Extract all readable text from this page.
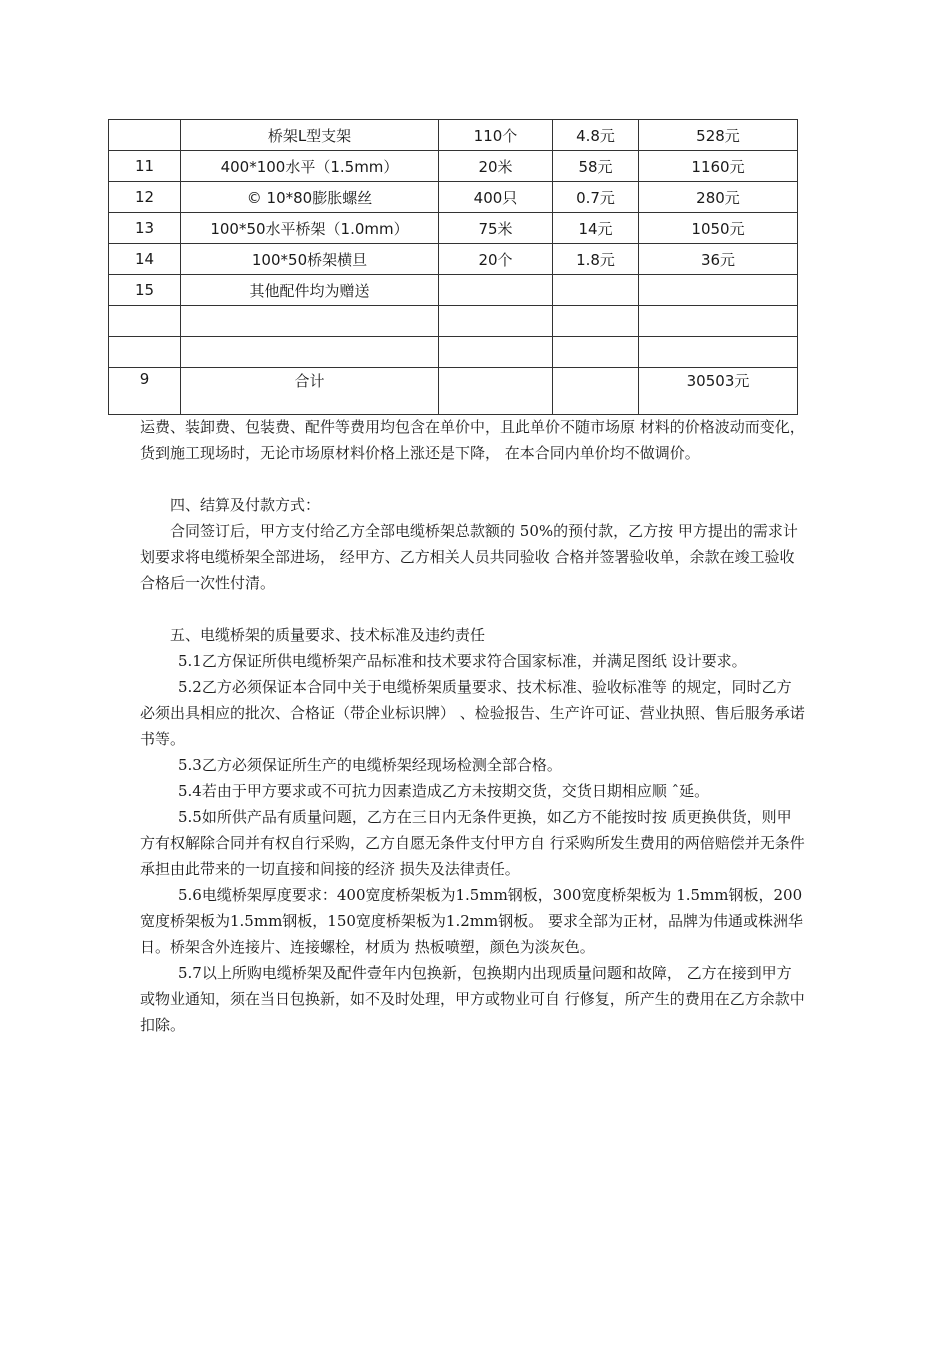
	桥架L型支架	110个	4.8元	528元
11	400*100水平（1.5mm）	20米	58元	1160元
12	© 10*80膨胀螺丝	400只	0.7元	280元
13	100*50水平桥架（1.0mm）	75米	14元	1050元
14	100*50桥架横旦	20个	1.8元	36元
15	其他配件均为赠送			

9	合计			30503元

运费、装卸费、包装费、配件等费用均包含在单价中，且此单价不随市场原 材料的价格波动而变化，货到施工现场时，无论市场原材料价格上涨还是下降， 在本合同内单价均不做调价。

四、结算及付款方式：

合同签订后，甲方支付给乙方全部电缆桥架总款额的 50%的预付款，乙方按 甲方提出的需求计划要求将电缆桥架全部进场， 经甲方、乙方相关人员共同验收 合格并签署验收单，余款在竣工验收合格后一次性付清。

五、电缆桥架的质量要求、技术标准及违约责任

5.1乙方保证所供电缆桥架产品标准和技术要求符合国家标准，并满足图纸 设计要求。

5.2乙方必须保证本合同中关于电缆桥架质量要求、技术标准、验收标准等 的规定，同时乙方必须出具相应的批次、合格证（带企业标识牌） 、检验报告、生产许可证、营业执照、售后服务承诺书等。

5.3乙方必须保证所生产的电缆桥架经现场检测全部合格。

5.4若由于甲方要求或不可抗力因素造成乙方未按期交货，交货日期相应顺 ˆ延。

5.5如所供产品有质量问题，乙方在三日内无条件更换，如乙方不能按时按 质更换供货，则甲方有权解除合同并有权自行采购，乙方自愿无条件支付甲方自 行采购所发生费用的两倍赔偿并无条件承担由此带来的一切直接和间接的经济 损失及法律责任。

5.6电缆桥架厚度要求：400宽度桥架板为1.5mm钢板，300宽度桥架板为 1.5mm钢板，200宽度桥架板为1.5mm钢板，150宽度桥架板为1.2mm钢板。 要求全部为正材，品牌为伟通或株洲华日。桥架含外连接片、连接螺栓，材质为 热板喷塑，颜色为淡灰色。

5.7以上所购电缆桥架及配件壹年内包换新，包换期内出现质量问题和故障， 乙方在接到甲方或物业通知，须在当日包换新，如不及时处理，甲方或物业可自 行修复，所产生的费用在乙方余款中扣除。
